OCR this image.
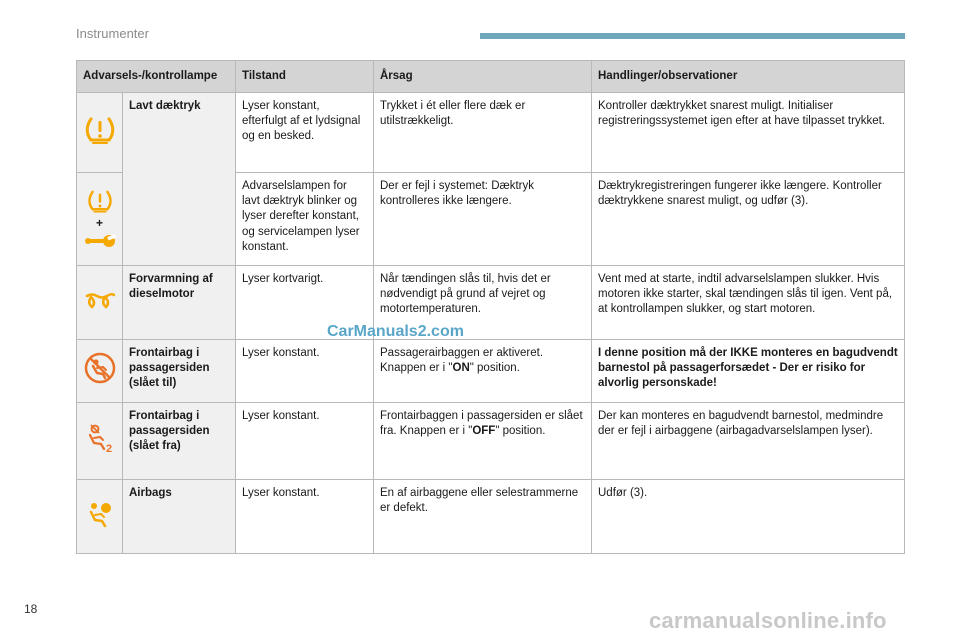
Instrumenter
Advarsels-/kontrollampe		Tilstand	Årsag	Handlinger/observationer
	Lavt dæktryk	Lyser konstant, efterfulgt af et lydsignal og en besked.	Trykket i ét eller flere dæk er utilstrækkeligt.	Kontroller dæktrykket snarest muligt. Initialiser registreringssystemet igen efter at have tilpasset trykket.

+		Advarselslampen for lavt dæktryk blinker og lyser derefter konstant, og servicelampen lyser konstant.	Der er fejl i systemet: Dæktryk kontrolleres ikke længere.	Dæktrykregistreringen fungerer ikke længere. Kontroller dæktrykkene snarest muligt, og udfør (3).
	Forvarmning af dieselmotor	Lyser kortvarigt.	Når tændingen slås til, hvis det er nødvendigt på grund af vejret og motortemperaturen.	Vent med at starte, indtil advarselslampen slukker. Hvis motoren ikke starter, skal tændingen slås til igen. Vent på, at kontrollampen slukker, og start motoren.
	Frontairbag i passagersiden (slået til)	Lyser konstant.	Passagerairbaggen er aktiveret. Knappen er i "ON" position.	I denne position må der IKKE monteres en bagudvendt barnestol på passagerforsædet - Der er risiko for alvorlig personskade!

2	Frontairbag i passagersiden (slået fra)	Lyser konstant.	Frontairbaggen i passagersiden er slået fra. Knappen er i "OFF" position.	Der kan monteres en bagudvendt barnestol, medmindre der er fejl i airbaggene (airbagadvarselslampen lyser).
	Airbags	Lyser konstant.	En af airbaggene eller selestrammerne er defekt.	Udfør (3).
CarManuals2.com
18	carmanualsonline.info
